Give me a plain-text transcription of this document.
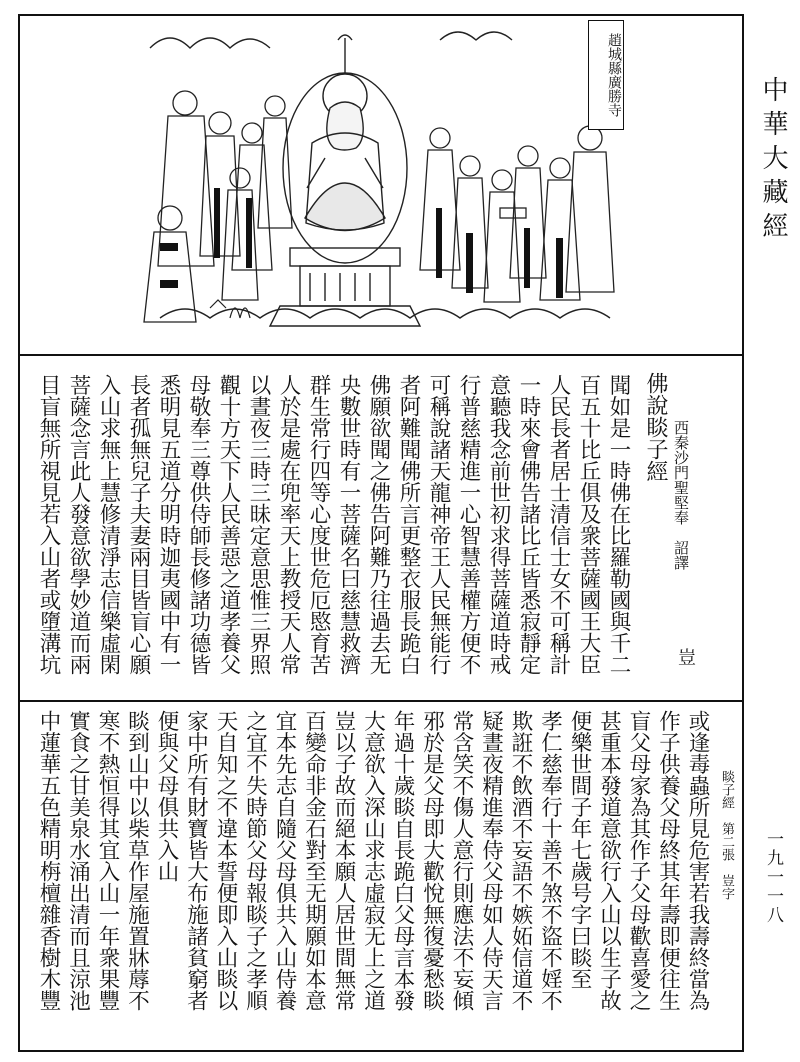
趙城縣廣勝寺
中華大藏經
一九一一八
佛說睒子經 西秦沙門聖堅奉　詔譯
豈
聞如是一時佛在比羅勒國與千二
百五十比丘俱及衆菩薩國王大臣
人民長者居士清信士女不可稱計
一時來會佛告諸比丘皆悉寂靜定
意聽我念前世初求得菩薩道時戒
行普慈精進一心智慧善權方便不
可稱說諸天龍神帝王人民無能行
者阿難聞佛所言更整衣服長跪白
佛願欲聞之佛告阿難乃往過去无
央數世時有一菩薩名曰慈慧救濟
群生常行四等心度世危厄愍育苦
人於是處在兜率天上教授天人常
以晝夜三時三昧定意思惟三界照
觀十方天下人民善惡之道孝養父
母敬奉三尊供侍師長修諸功德皆
悉明見五道分明時迦夷國中有一
長者孤無兒子夫妻兩目皆盲心願
入山求無上慧修清淨志信樂虛閑
菩薩念言此人發意欲學妙道而兩
目盲無所視見若入山者或墮溝坑
睒子經　第二張　豈字
或逢毒蟲所見危害若我壽終當為
作子供養父母終其年壽即便往生
盲父母家為其作子父母歡喜愛之
甚重本發道意欲行入山以生子故
便樂世間子年七歲号字曰睒至
孝仁慈奉行十善不煞不盜不婬不
欺誑不飲酒不妄語不嫉妬信道不
疑晝夜精進奉侍父母如人侍天言
常含笑不傷人意行則應法不妄傾
邪於是父母即大歡悅無復憂愁睒
年過十歲睒自長跪白父母言本發
大意欲入深山求志虛寂无上之道
豈以子故而絕本願人居世間無常
百變命非金石對至无期願如本意
宜本先志自隨父母俱共入山侍養
之宜不失時節父母報睒子之孝順
天自知之不違本誓便即入山睒以
家中所有財寶皆大布施諸貧窮者
便與父母俱共入山
睒到山中以柴草作屋施置牀蓐不
寒不熱恒得其宜入山一年衆果豐
實食之甘美泉水涌出清而且涼池
中蓮華五色精明栴檀雜香樹木豐
